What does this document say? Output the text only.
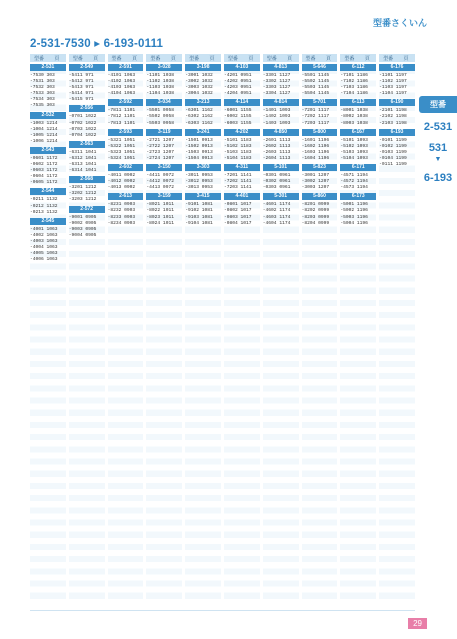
型番さくいん
2-531-7530 ▸ 6-193-0111
型番
2-531
531
▼
6-193
型番	頁
2-531
-7530 303
-7531 303
-7532 303
-7533 303
-7534 303
-7535 303
2-532
-1003 1214
-1004 1214
-1005 1214
-1006 1214
2-543
-0601 1172
-0602 1172
-0603 1172
-0604 1172
-0605 1172
2-544
-0211 1132
-0212 1132
-0213 1132
2-545
-4001 1063
-4002 1063
-4003 1063
-4004 1063
-4005 1063
-4006 1063
型番	頁
2-549
-5411 971
-5412 971
-5413 971
-5414 971
-5415 971
2-556
-0701 1022
-0702 1022
-0703 1022
-0704 1022
2-563
-6311 1041
-6312 1041
-6313 1041
-6314 1041
2-568
-3201 1212
-3202 1212
-3203 1212
2-572
-9001 0905
-9002 0905
-9003 0905
-9004 0905
型番	頁
2-591
-4101 1063
-4102 1063
-4103 1063
-4104 1063
2-592
-7811 1101
-7812 1101
-7813 1101
2-593
-5321 1051
-5322 1051
-5323 1051
-5324 1051
2-602
-4011 0902
-4012 0902
-4013 0902
2-613
-8231 0903
-8232 0903
-8233 0903
-8234 0903
型番	頁
3-028
-1101 1038
-1102 1038
-1103 1038
-1104 1038
3-034
-5501 0958
-5502 0958
-5503 0958
3-119
-2721 1207
-2722 1207
-2723 1207
-2724 1207
3-150
-4411 0972
-4412 0972
-4413 0972
3-159
-8021 1011
-8022 1011
-8023 1011
-8024 1011
型番	頁
3-198
-3001 1032
-3002 1032
-3003 1032
-3004 1032
3-213
-6301 1162
-6302 1162
-6303 1162
3-241
-1501 0913
-1502 0913
-1503 0913
-1504 0913
3-303
-3011 0953
-3012 0953
-3013 0953
3-415
-9101 1081
-9102 1081
-9103 1081
-9104 1081
型番	頁
4-103
-4201 0951
-4202 0951
-4203 0951
-4204 0951
4-114
-6001 1155
-6002 1155
-6003 1155
4-202
-5101 1183
-5102 1183
-5103 1183
-5104 1183
4-311
-7201 1141
-7202 1141
-7203 1141
4-401
-0801 1017
-0802 1017
-0803 1017
-0804 1017
型番	頁
4-813
-3301 1127
-3302 1127
-3303 1127
-3304 1127
4-814
-1401 1093
-1402 1093
-1403 1093
4-850
-2601 1113
-2602 1113
-2603 1113
-2604 1113
5-101
-0301 0961
-0302 0961
-0303 0961
5-301
-4601 1174
-4602 1174
-4603 1174
-4604 1174
型番	頁
5-646
-5501 1145
-5502 1145
-5503 1145
-5504 1145
5-701
-7201 1117
-7202 1117
-7203 1117
5-800
-1601 1196
-1602 1196
-1603 1196
-1604 1196
5-823
-3001 1207
-3002 1207
-3003 1207
5-860
-8201 0999
-8202 0999
-8203 0999
-8204 0999
型番	頁
6-112
-7101 1186
-7102 1186
-7103 1186
-7104 1186
6-113
-8001 1038
-8002 1038
-8003 1038
6-167
-5101 1093
-5102 1093
-5103 1093
-5104 1093
6-171
-4571 1194
-4572 1194
-4573 1194
6-173
-5001 1196
-5002 1196
-5003 1196
-5004 1196
型番	頁
6-176
-1101 1197
-1102 1197
-1103 1197
-1104 1197
6-190
-2101 1198
-2102 1198
-2103 1198
6-193
-0101 1199
-0102 1199
-0103 1199
-0104 1199
-0111 1199
29
